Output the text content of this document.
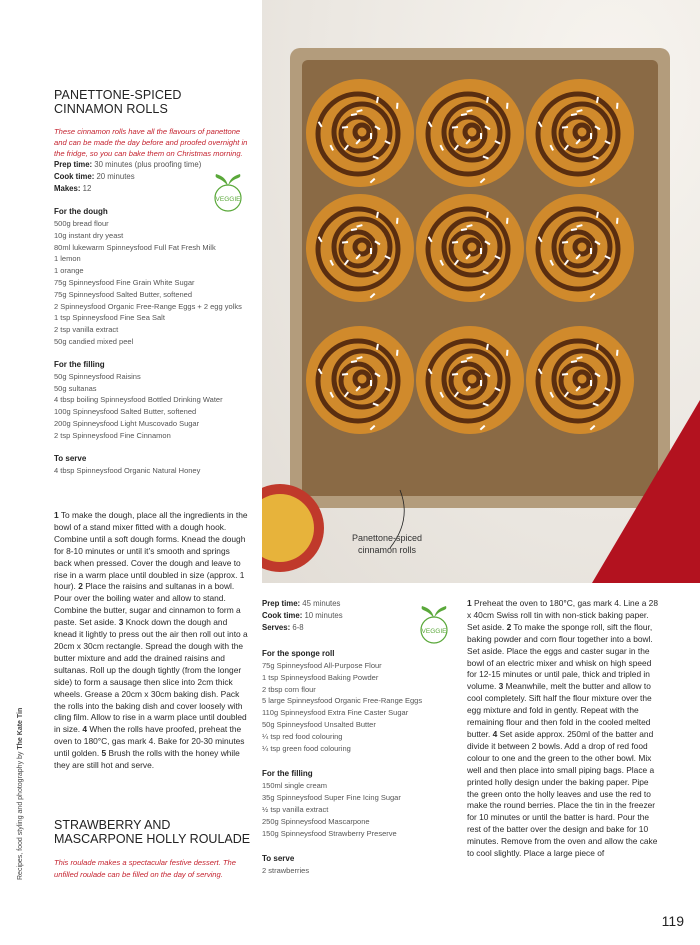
Panettone-spiced cinnamon rolls
PANETTONE-SPICED CINNAMON ROLLS
These cinnamon rolls have all the flavours of panettone and can be made the day before and proofed overnight in the fridge, so you can bake them on Christmas morning.
Prep time: 30 minutes (plus proofing time)
Cook time: 20 minutes
Makes: 12
For the dough
500g bread flour
10g instant dry yeast
80ml lukewarm Spinneysfood Full Fat Fresh Milk
1 lemon
1 orange
75g Spinneysfood Fine Grain White Sugar
75g Spinneysfood Salted Butter, softened
2 Spinneysfood Organic Free-Range Eggs + 2 egg yolks
1 tsp Spinneysfood Fine Sea Salt
2 tsp vanilla extract
50g candied mixed peel
For the filling
50g Spinneysfood Raisins
50g sultanas
4 tbsp boiling Spinneysfood Bottled Drinking Water
100g Spinneysfood Salted Butter, softened
200g Spinneysfood Light Muscovado Sugar
2 tsp Spinneysfood Fine Cinnamon
To serve
4 tbsp Spinneysfood Organic Natural Honey
VEGGIE
1 To make the dough, place all the ingredients in the bowl of a stand mixer fitted with a dough hook. Combine until a soft dough forms. Knead the dough for 8-10 minutes or until it’s smooth and springs back when pressed. Cover the dough and leave to rise in a warm place until doubled in size (approx. 1 hour). 2 Place the raisins and sultanas in a bowl. Pour over the boiling water and allow to stand. Combine the butter, sugar and cinnamon to form a paste. Set aside. 3 Knock down the dough and knead it lightly to press out the air then roll out into a 20cm x 30cm rectangle. Spread the dough with the butter mixture and add the drained raisins and sultanas. Roll up the dough tightly (from the longer side) to form a sausage then slice into 2cm thick wheels. Grease a 20cm x 30cm baking dish. Pack the rolls into the baking dish and cover loosely with cling film. Allow to rise in a warm place until doubled in size. 4 When the rolls have proofed, preheat the oven to 180°C, gas mark 4. Bake for 20-30 minutes until golden. 5 Brush the rolls with the honey while they are still hot and serve.
STRAWBERRY AND MASCARPONE HOLLY ROULADE
This roulade makes a spectacular festive dessert. The unfilled roulade can be filled on the day of serving.
Recipes, food styling and photography by The Kate Tin
Prep time: 45 minutes
Cook time: 10 minutes
Serves: 6-8
For the sponge roll
75g Spinneysfood All-Purpose Flour
1 tsp Spinneysfood Baking Powder
2 tbsp corn flour
5 large Spinneysfood Organic Free-Range Eggs
110g Spinneysfood Extra Fine Caster Sugar
50g Spinneysfood Unsalted Butter
¼ tsp red food colouring
¼ tsp green food colouring
For the filling
150ml single cream
35g Spinneysfood Super Fine Icing Sugar
½ tsp vanilla extract
250g Spinneysfood Mascarpone
150g Spinneysfood Strawberry Preserve
To serve
2 strawberries
VEGGIE
1 Preheat the oven to 180°C, gas mark 4. Line a 28 x 40cm Swiss roll tin with non-stick baking paper. Set aside. 2 To make the sponge roll, sift the flour, baking powder and corn flour together into a bowl. Set aside. Place the eggs and caster sugar in the bowl of an electric mixer and whisk on high speed for 12-15 minutes or until pale, thick and tripled in volume. 3 Meanwhile, melt the butter and allow to cool completely. Sift half the flour mixture over the egg mixture and fold in gently. Repeat with the remaining flour and then fold in the cooled melted butter. 4 Set aside approx. 250ml of the batter and divide it between 2 bowls. Add a drop of red food colour to one and the green to the other bowl. Mix well and then place into small piping bags. Place a printed holly design under the baking paper. Pipe the green onto the holly leaves and use the red to make the round berries. Place the tin in the freezer for 10 minutes or until the batter is hard. Pour the rest of the batter over the design and bake for 10 minutes. Remove from the oven and allow the cake to cool slightly. Place a large piece of
119
